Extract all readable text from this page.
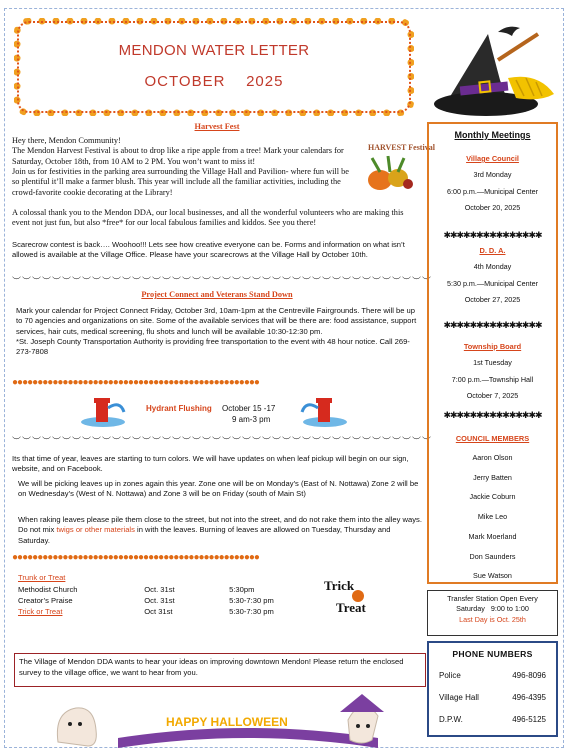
MENDON WATER LETTER
OCTOBER    2025
Harvest Fest
HARVEST Festival
Hey there, Mendon Community!
The Mendon Harvest Festival is about to drop like a ripe apple from a tree! Mark your calendars for Saturday, October 18th, from 10 AM to 2 PM. You won’t want to miss it!
Join us for festivities in the parking area surrounding the Village Hall and Pavilion- where fun will be so plentiful it’ll make a farmer blush. This year will include all the familiar activities, including the crowd-favorite cookie decorating at the Library!
A colossal thank you to the Mendon DDA, our local businesses, and all the wonderful volunteers who are making this event not just fun, but also *free* for our local fabulous families and kiddos. See you there!
Scarecrow contest is back…. Woohoo!!! Lets see how creative everyone can be. Forms and information on what isn’t allowed is available at the Village Office. Please have your scarecrows at the Village Hall by October 10th.
︶︶︶︶︶︶︶︶︶︶︶︶︶︶︶︶︶︶︶︶︶︶︶︶︶︶︶︶︶︶︶︶︶︶︶︶︶︶︶︶︶︶
Project Connect and Veterans Stand Down
Mark your calendar for Project Connect Friday, October 3rd, 10am-1pm at the Centreville Fairgrounds. There will be up to 70 agencies and organizations on site. Some of the available services that will be there are: food assistance, support services, hair cuts, medical screening, flu shots and lunch will be available 10:30-12:30 pm.
*St. Joseph County Transportation Authority is providing free transportation to the event with 48 hour notice. Call 269-273-7808
●●●●●●●●●●●●●●●●●●●●●●●●●●●●●●●●●●●●●●●●●●●●●●●●●
Hydrant Flushing October 15 -17
9 am-3 pm
︶︶︶︶︶︶︶︶︶︶︶︶︶︶︶︶︶︶︶︶︶︶︶︶︶︶︶︶︶︶︶︶︶︶︶︶︶︶︶︶︶︶
Its that time of year, leaves are starting to turn colors. We will have updates on when leaf pickup will begin on our sign, website, and on Facebook.
We will be picking leaves up in zones again this year. Zone one will be on Monday’s (East of N. Nottawa) Zone 2 will be on Wednesday’s (West of N. Nottawa) and Zone 3 will be on Friday (south of Main St)
When raking leaves please pile them close to the street, but not into the street, and do not rake them into the alley ways. Do not mix twigs or other materials in with the leaves. Burning of leaves are allowed on Tuesday, Thursday and Saturday.
●●●●●●●●●●●●●●●●●●●●●●●●●●●●●●●●●●●●●●●●●●●●●●●●●
Trunk or Treat
Methodist Church	Oct. 31st	5:30pm
Creator’s Praise	Oct. 31st	5:30-7:30 pm
Trick or Treat	Oct 31st	5:30-7:30 pm
Trick
Treat
The Village of Mendon DDA wants to hear your ideas on improving downtown Mendon! Please return the enclosed survey to the village office, we want to hear from you.
HAPPY HALLOWEEN
Monthly Meetings
Village Council
3rd Monday
6:00 p.m.—Municipal Center
October 20, 2025
✱✱✱✱✱✱✱✱✱✱✱✱✱✱✱
D. D. A.
4th Monday
5:30 p.m.—Municipal Center
October 27, 2025
✱✱✱✱✱✱✱✱✱✱✱✱✱✱✱
Township Board
1st Tuesday
7:00 p.m.—Township Hall
October 7, 2025
✱✱✱✱✱✱✱✱✱✱✱✱✱✱✱
COUNCIL MEMBERS
Aaron Olson
Jerry Batten
Jackie Coburn
Mike Leo
Mark Moerland
Don Saunders
Sue Watson
Transfer Station Open Every
Saturday 9:00 to 1:00
Last Day is Oct. 25th
PHONE NUMBERS
Police	496-8096
Village Hall	496-4395
D.P.W.	496-5125
